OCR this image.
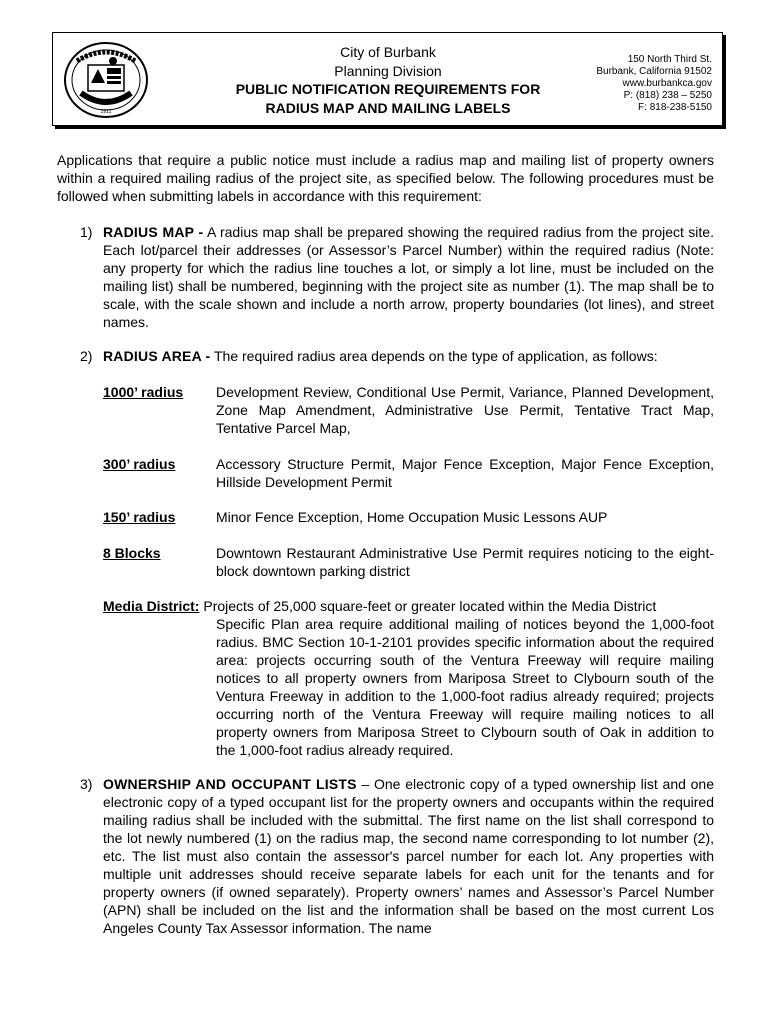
1911
City of Burbank
Planning Division
PUBLIC NOTIFICATION REQUIREMENTS FOR
RADIUS MAP AND MAILING LABELS
150 North Third St.
Burbank, California 91502
www.burbankca.gov
P: (818) 238 – 5250
F: 818-238-5150
Applications that require a public notice must include a radius map and mailing list of property owners within a required mailing radius of the project site, as specified below. The following procedures must be followed when submitting labels in accordance with this requirement:
1) RADIUS MAP - A radius map shall be prepared showing the required radius from the project site. Each lot/parcel their addresses (or Assessor’s Parcel Number) within the required radius (Note: any property for which the radius line touches a lot, or simply a lot line, must be included on the mailing list) shall be numbered, beginning with the project site as number (1). The map shall be to scale, with the scale shown and include a north arrow, property boundaries (lot lines), and street names.
2) RADIUS AREA - The required radius area depends on the type of application, as follows:
1000’ radius Development Review, Conditional Use Permit, Variance, Planned Development, Zone Map Amendment, Administrative Use Permit, Tentative Tract Map, Tentative Parcel Map,
300’ radius	Accessory Structure Permit, Major Fence Exception, Major Fence Exception, Hillside Development Permit
150’ radius	Minor Fence Exception, Home Occupation Music Lessons AUP
8 Blocks	Downtown Restaurant Administrative Use Permit requires noticing to the eight-block downtown parking district
Media District: Projects of 25,000 square-feet or greater located within the Media District
Specific Plan area require additional mailing of notices beyond the 1,000-foot radius. BMC Section 10-1-2101 provides specific information about the required area: projects occurring south of the Ventura Freeway will require mailing notices to all property owners from Mariposa Street to Clybourn south of the Ventura Freeway in addition to the 1,000-foot radius already required; projects occurring north of the Ventura Freeway will require mailing notices to all property owners from Mariposa Street to Clybourn south of Oak in addition to the 1,000-foot radius already required.
3) OWNERSHIP AND OCCUPANT LISTS – One electronic copy of a typed ownership list and one electronic copy of a typed occupant list for the property owners and occupants within the required mailing radius shall be included with the submittal. The first name on the list shall correspond to the lot newly numbered (1) on the radius map, the second name corresponding to lot number (2), etc. The list must also contain the assessor's parcel number for each lot. Any properties with multiple unit addresses should receive separate labels for each unit for the tenants and for property owners (if owned separately). Property owners’ names and Assessor’s Parcel Number (APN) shall be included on the list and the information shall be based on the most current Los Angeles County Tax Assessor information. The name
